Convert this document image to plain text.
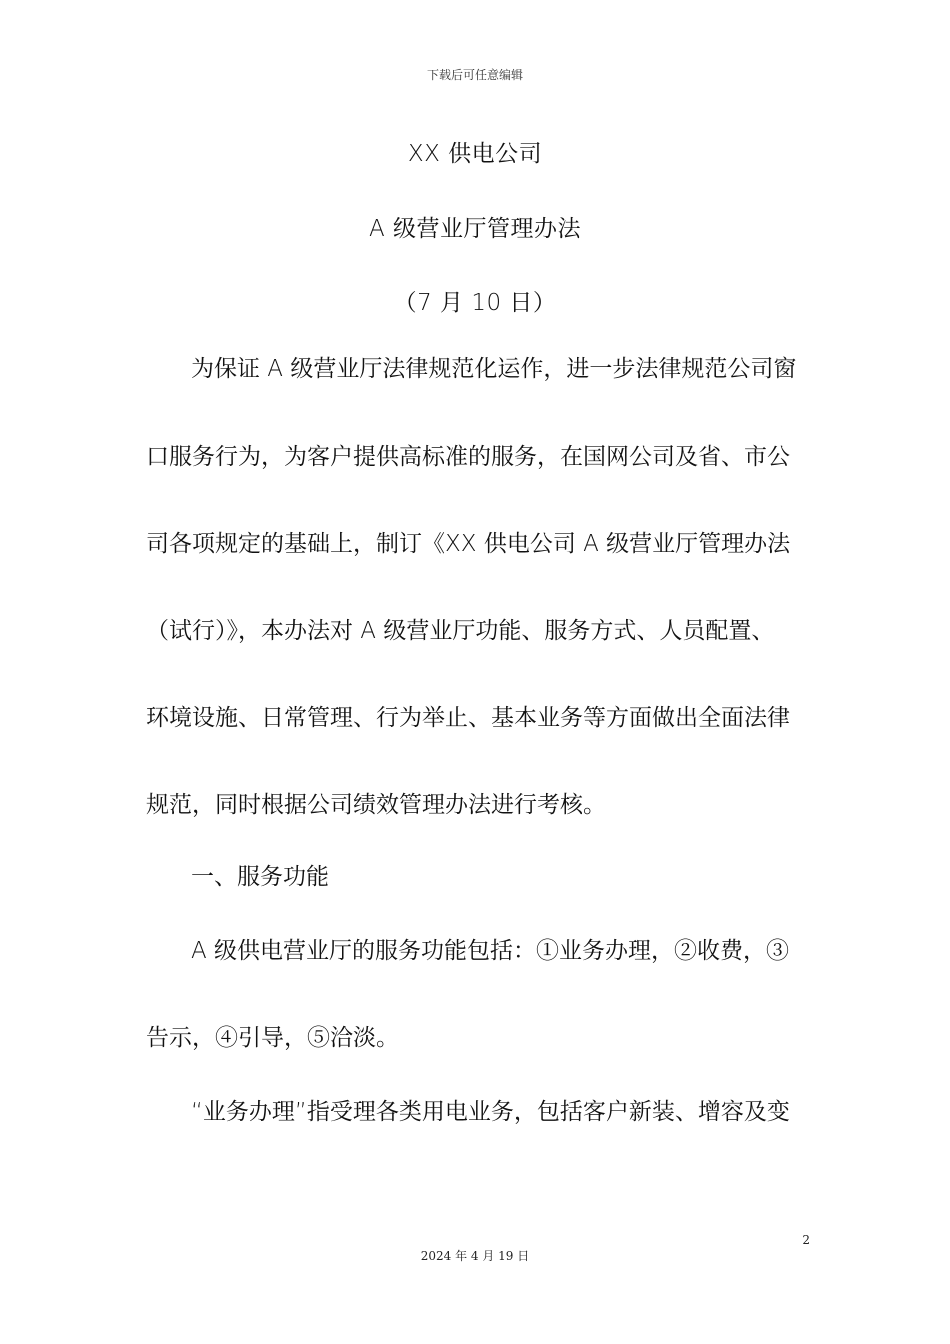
下载后可任意编辑
XX 供电公司
A 级营业厅管理办法
（7 月 10 日）
为保证 A 级营业厅法律规范化运作，进一步法律规范公司窗
口服务行为，为客户提供高标准的服务，在国网公司及省、市公
司各项规定的基础上，制订《XX 供电公司 A 级营业厅管理办法
（试行）》，本办法对 A 级营业厅功能、服务方式、人员配置、
环境设施、日常管理、行为举止、基本业务等方面做出全面法律
规范，同时根据公司绩效管理办法进行考核。
一、服务功能
A 级供电营业厅的服务功能包括：①业务办理，②收费，③
告示，④引导，⑤洽淡。
“业务办理”指受理各类用电业务，包括客户新装、增容及变
2
2024 年 4 月 19 日
